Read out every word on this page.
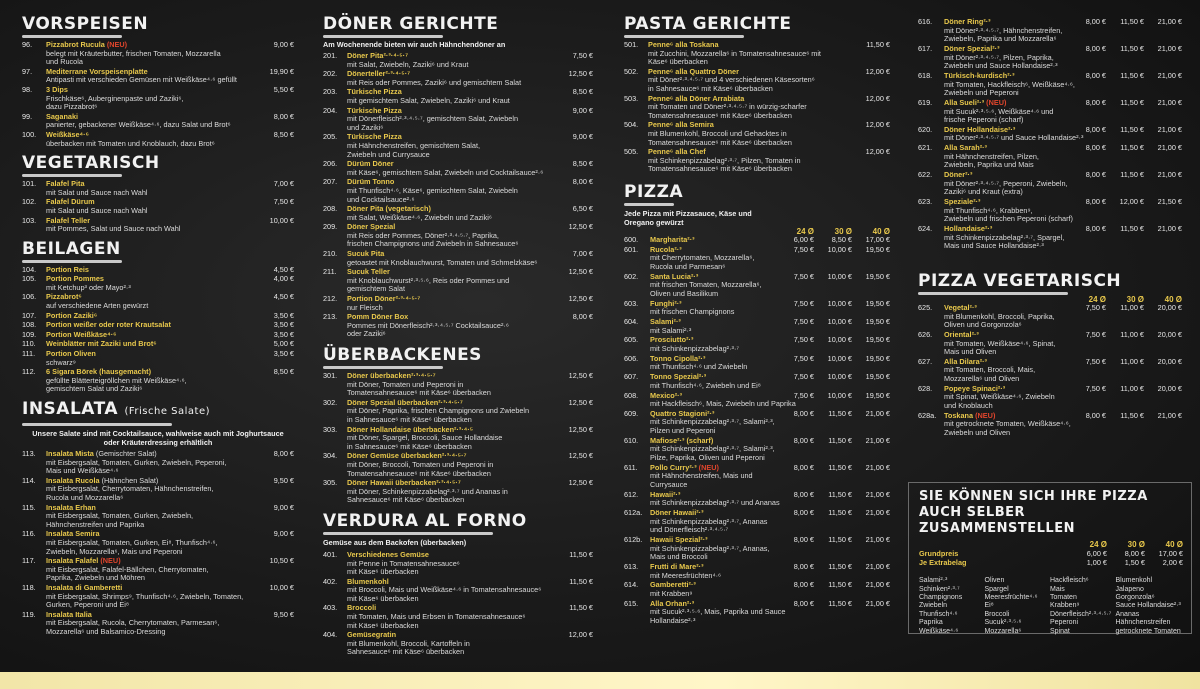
VORSPEISEN
96.	Pizzabrot Rucula (NEU)	9,00 €
belegt mit Kräuterbutter, frischen Tomaten, Mozzarella
und Rucola
97.	Mediterrane Vorspeisenplatte	19,90 €
Antipasti mit verschieden Gemüsen mit Weißkäse⁴·⁶ gefüllt
98.	3 Dips	5,50 €
Frischkäse⁶, Auberginenpaste und Zaziki⁶,
dazu Pizzabrot⁶
99.	Saganaki	8,00 €
panierter, gebackener Weißkäse⁴·⁶, dazu Salat und Brot⁶
100.	Weißkäse⁴·⁶	8,50 €
überbacken mit Tomaten und Knoblauch, dazu Brot⁶
VEGETARISCH
101.	Falafel Pita	7,00 €
mit Salat und Sauce nach Wahl
102.	Falafel Dürum	7,50 €
mit Salat und Sauce nach Wahl
103.	Falafel Teller	10,00 €
mit Pommes, Salat und Sauce nach Wahl
BEILAGEN
104.	Portion Reis	4,50 €
105.	Portion Pommes	4,00 €
mit Ketchup³ oder Mayo²·³
106.	Pizzabrot⁶	4,50 €
auf verschiedene Arten gewürzt
107.	Portion Zaziki⁶	3,50 €
108.	Portion weißer oder roter Krautsalat	3,50 €
109.	Portion Weißkäse⁴·⁶	3,50 €
110.	Weinblätter mit Zaziki und Brot⁶	5,00 €
111.	Portion Oliven	3,50 €
schwarz⁹
112.	6 Sigara Börek (hausgemacht)	8,50 €
gefüllte Blätterteigröllchen mit Weißkäse⁴·⁶,
gemischtem Salat und Zaziki⁶
INSALATA (Frische Salate)
Unsere Salate sind mit Cocktailsauce, wahlweise auch mit Joghurtsauce oder Kräuterdressing erhältlich
113.	Insalata Mista (Gemischter Salat)	8,00 €
mit Eisbergsalat, Tomaten, Gurken, Zwiebeln, Peperoni,
Mais und Weißkäse⁴·⁶
114.	Insalata Rucola (Hähnchen Salat)	9,50 €
mit Eisbergsalat, Cherrytomaten, Hähnchenstreifen,
Rucola und Mozzarella⁶
115.	Insalata Erhan	9,00 €
mit Eisbergsalat, Tomaten, Gurken, Zwiebeln,
Hähnchenstreifen und Paprika
116.	Insalata Semira	9,00 €
mit Eisbergsalat, Tomaten, Gurken, Ei⁸, Thunfisch⁴·⁶,
Zwiebeln, Mozzarella⁶, Mais und Peperoni
117.	Insalata Falafel (NEU)	10,50 €
mit Eisbergsalat, Falafel-Bällchen, Cherrytomaten,
Paprika, Zwiebeln und Möhren
118.	Insalata di Gamberetti	10,00 €
mit Eisbergsalat, Shrimps⁹, Thunfisch⁴·⁶, Zwiebeln, Tomaten,
Gurken, Peperoni und Ei⁸
119.	Insalata Italia	9,50 €
mit Eisbergsalat, Rucola, Cherrytomaten, Parmesan⁶,
Mozzarella⁶ und Balsamico-Dressing
DÖNER GERICHTE
Am Wochenende bieten wir auch Hähnchendöner an
201.	Döner Pita²·³·⁴·⁵·⁷	7,50 €
mit Salat, Zwiebeln, Zaziki⁶ und Kraut
202.	Dönerteller²·³·⁴·⁵·⁷	12,50 €
mit Reis oder Pommes, Zaziki⁶ und gemischtem Salat
203.	Türkische Pizza	8,50 €
mit gemischtem Salat, Zwiebeln, Zaziki⁶ und Kraut
204.	Türkische Pizza	9,00 €
mit Dönerfleisch²·³·⁴·⁵·⁷, gemischtem Salat, Zwiebeln
und Zaziki⁶
205.	Türkische Pizza	9,00 €
mit Hähnchenstreifen, gemischtem Salat,
Zwiebeln und Currysauce
206.	Dürüm Döner	8,50 €
mit Käse⁶, gemischtem Salat, Zwiebeln und Cocktailsauce²·⁶
207.	Dürüm Tonno	8,00 €
mit Thunfisch⁴·⁶, Käse⁶, gemischtem Salat, Zwiebeln
und Cocktailsauce²·⁶
208.	Döner Pita (vegetarisch)	6,50 €
mit Salat, Weißkäse⁴·⁶, Zwiebeln und Zaziki⁶
209.	Döner Spezial	12,50 €
mit Reis oder Pommes, Döner²·³·⁴·⁵·⁷, Paprika,
frischen Champignons und Zwiebeln in Sahnesauce⁶
210.	Sucuk Pita	7,00 €
getoastet mit Knoblauchwurst, Tomaten und Schmelzkäse⁶
211.	Sucuk Teller	12,50 €
mit Knoblauchwurst²·³·⁵·⁶, Reis oder Pommes und
gemischtem Salat
212.	Portion Döner²·³·⁴·⁵·⁷	12,50 €
nur Fleisch
213.	Pomm Döner Box	8,00 €
Pommes mit Dönerfleisch²·³·⁴·⁵·⁷ Cocktailsauce²·⁶
oder Zaziki⁶
ÜBERBACKENES
301.	Döner überbacken²·³·⁴·⁵·⁷	12,50 €
mit Döner, Tomaten und Peperoni in
Tomatensahnesauce⁶ mit Käse⁶ überbacken
302.	Döner Spezial überbacken²·³·⁴·⁵·⁷	12,50 €
mit Döner, Paprika, frischen Champignons und Zwiebeln
in Sahnesauce⁶ mit Käse⁶ überbacken
303.	Döner Hollandaise überbacken²·³·⁴·⁵	12,50 €
mit Döner, Spargel, Broccoli, Sauce Hollandaise
in Sahnesauce⁶ mit Käse⁶ überbacken
304.	Döner Gemüse überbacken²·³·⁴·⁵·⁷	12,50 €
mit Döner, Broccoli, Tomaten und Peperoni in
Tomatensahnesauce⁶ mit Käse⁶ überbacken
305.	Döner Hawaii überbacken²·³·⁴·⁵·⁷	12,50 €
mit Döner, Schinkenpizzabelag²·³·⁷ und Ananas in
Sahnesauce⁶ mit Käse⁶ überbacken
VERDURA AL FORNO
Gemüse aus dem Backofen (überbacken)
401.	Verschiedenes Gemüse	11,50 €
mit Penne in Tomatensahnesauce⁶
mit Käse⁶ überbacken
402.	Blumenkohl	11,50 €
mit Broccoli, Mais und Weißkäse⁴·⁶ in Tomatensahnesauce⁶
mit Käse⁶ überbacken
403.	Broccoli	11,50 €
mit Tomaten, Mais und Erbsen in Tomatensahnesauce⁶
mit Käse⁶ überbacken
404.	Gemüsegratin	12,00 €
mit Blumenkohl, Broccoli, Kartoffeln in
Sahnesauce⁶ mit Käse⁶ überbacken
PASTA GERICHTE
501.	Penne⁶ alla Toskana	11,50 €
mit Zucchini, Mozzarella⁶ in Tomatensahnesauce⁶ mit
Käse⁶ überbacken
502.	Penne⁶ alla Quattro Döner	12,00 €
mit Döner²·³·⁴·⁵·⁷ und 4 verschiedenen Käsesorten⁶
in Sahnesauce⁶ mit Käse⁶ überbacken
503.	Penne⁶ alla Döner Arrabiata	12,00 €
mit Tomaten und Döner²·³·⁴·⁵·⁷ in würzig-scharfer
Tomatensahnesauce⁶ mit Käse⁶ überbacken
504.	Penne⁶ alla Semira	12,00 €
mit Blumenkohl, Broccoli und Gehacktes in
Tomatensahnesauce⁶ mit Käse⁶ überbacken
505.	Penne⁶ alla Chef	12,00 €
mit Schinkenpizzabelag²·³·⁷, Pilzen, Tomaten in
Tomatensahnesauce⁶ mit Käse⁶ überbacken
PIZZA
Jede Pizza mit Pizzasauce, Käse und Oregano gewürzt
24 Ø	30 Ø	40 Ø
600.	Margharita²·³	6,00 €	8,50 €	17,00 €
601.	Rucola²·³	7,50 €	10,00 €	19,50 €
mit Cherrytomaten, Mozzarella⁶,
Rucola und Parmesan⁶
602.	Santa Lucia²·³	7,50 €	10,00 €	19,50 €
mit frischen Tomaten, Mozzarella⁶,
Oliven und Basilikum
603.	Funghi²·³	7,50 €	10,00 €	19,50 €
mit frischen Champignons
604.	Salami²·³	7,50 €	10,00 €	19,50 €
mit Salami²·³
605.	Prosciutto²·³	7,50 €	10,00 €	19,50 €
mit Schinkenpizzabelag²·³·⁷
606.	Tonno Cipolla²·³	7,50 €	10,00 €	19,50 €
mit Thunfisch⁴·⁶ und Zwiebeln
607.	Tonno Spezial²·³	7,50 €	10,00 €	19,50 €
mit Thunfisch⁴·⁶, Zwiebeln und Ei⁸
608.	Mexico²·³	7,50 €	10,00 €	19,50 €
mit Hackfleisch⁶, Mais, Zwiebeln und Paprika
609.	Quattro Stagioni²·³	8,00 €	11,50 €	21,00 €
mit Schinkenpizzabelag²·³·⁷, Salami²·³,
Pilzen und Peperoni
610.	Mafiose²·³ (scharf)	8,00 €	11,50 €	21,00 €
mit Schinkenpizzabelag²·³·⁷, Salami²·³,
Pilze, Paprika, Oliven und Peperoni
611.	Pollo Curry²·³ (NEU)	8,00 €	11,50 €	21,00 €
mit Hähnchenstreifen, Mais und
Currysauce
612.	Hawaii²·³	8,00 €	11,50 €	21,00 €
mit Schinkenpizzabelag²·³·⁷ und Ananas
612a.	Döner Hawaii²·³	8,00 €	11,50 €	21,00 €
mit Schinkenpizzabelag²·³·⁷, Ananas
und Dönerfleisch²·³·⁴·⁵·⁷
612b.	Hawaii Spezial²·³	8,00 €	11,50 €	21,00 €
mit Schinkenpizzabelag²·³·⁷, Ananas,
Mais und Broccoli
613.	Frutti di Mare²·³	8,00 €	11,50 €	21,00 €
mit Meeresfrüchten⁴·⁶
614.	Gamberetti²·³	8,00 €	11,50 €	21,00 €
mit Krabben⁹
615.	Alla Orhan²·³	8,00 €	11,50 €	21,00 €
mit Sucuk²·³·⁵·⁶, Mais, Paprika und Sauce
Hollandaise²·³
616.	Döner Ring²·³	8,00 €	11,50 €	21,00 €
mit Döner²·³·⁴·⁵·⁷, Hähnchenstreifen,
Zwiebeln, Paprika und Mozzarella⁶
617.	Döner Spezial²·³	8,00 €	11,50 €	21,00 €
mit Döner²·³·⁴·⁵·⁷, Pilzen, Paprika,
Zwiebeln und Sauce Hollandaise²·³
618.	Türkisch-kurdisch²·³	8,00 €	11,50 €	21,00 €
mit Tomaten, Hackfleisch⁶, Weißkäse⁴·⁶,
Zwiebeln und Peperoni
619.	Alla Sueli²·³ (NEU)	8,00 €	11,50 €	21,00 €
mit Sucuk²·³·⁵·⁶, Weißkäse⁴·⁶ und
frische Peperoni (scharf)
620.	Döner Hollandaise²·³	8,00 €	11,50 €	21,00 €
mit Döner²·³·⁴·⁵·⁷ und Sauce Hollandaise²·³
621.	Alla Sarah²·³	8,00 €	11,50 €	21,00 €
mit Hähnchenstreifen, Pilzen,
Zwiebeln, Paprika und Mais
622.	Döner²·³	8,00 €	11,50 €	21,00 €
mit Döner²·³·⁴·⁵·⁷, Peperoni, Zwiebeln,
Zaziki⁶ und Kraut (extra)
623.	Speziale²·³	8,00 €	12,00 €	21,50 €
mit Thunfisch⁴·⁶, Krabben⁹,
Zwiebeln und frischen Peperoni (scharf)
624.	Hollandaise²·³	8,00 €	11,50 €	21,00 €
mit Schinkenpizzabelag²·³·⁷, Spargel,
Mais und Sauce Hollandaise²·³
PIZZA VEGETARISCH
24 Ø	30 Ø	40 Ø
625.	Vegetal²·³	7,50 €	11,00 €	20,00 €
mit Blumenkohl, Broccoli, Paprika,
Oliven und Gorgonzola⁶
626.	Oriental²·³	7,50 €	11,00 €	20,00 €
mit Tomaten, Weißkäse⁴·⁶, Spinat,
Mais und Oliven
627.	Alla Dilara²·³	7,50 €	11,00 €	20,00 €
mit Tomaten, Broccoli, Mais,
Mozzarella⁶ und Oliven
628.	Popeye Spinaci²·³	7,50 €	11,00 €	20,00 €
mit Spinat, Weißkäse⁴·⁶, Zwiebeln
und Knoblauch
628a.	Toskana (NEU)	8,00 €	11,50 €	21,00 €
mit getrocknete Tomaten, Weißkäse⁴·⁶,
Zwiebeln und Oliven
SIE KÖNNEN SICH IHRE PIZZA AUCH SELBER ZUSAMMENSTELLEN
24 Ø	30 Ø	40 Ø
Grundpreis	6,00 €	8,00 €	17,00 €
Je Extrabelag	1,00 €	1,50 €	2,00 €
Salami²·³
Schinken²·³·⁷
Champignons
Zwiebeln
Thunfisch⁴·⁶
Paprika
Weißkäse⁴·⁶
Oliven
Spargel
Meeresfrüchte⁴·⁶
Ei⁸
Broccoli
Sucuk²·³·⁵·⁶
Mozzarella⁶
Hackfleisch⁶
Mais
Tomaten
Krabben⁹
Dönerfleisch²·³·⁴·⁵·⁷
Peperoni
Spinat
Blumenkohl
Jalapeno
Gorgonzola⁶
Sauce Hollandaise²·³
Ananas
Hähnchenstreifen
getrocknete Tomaten
